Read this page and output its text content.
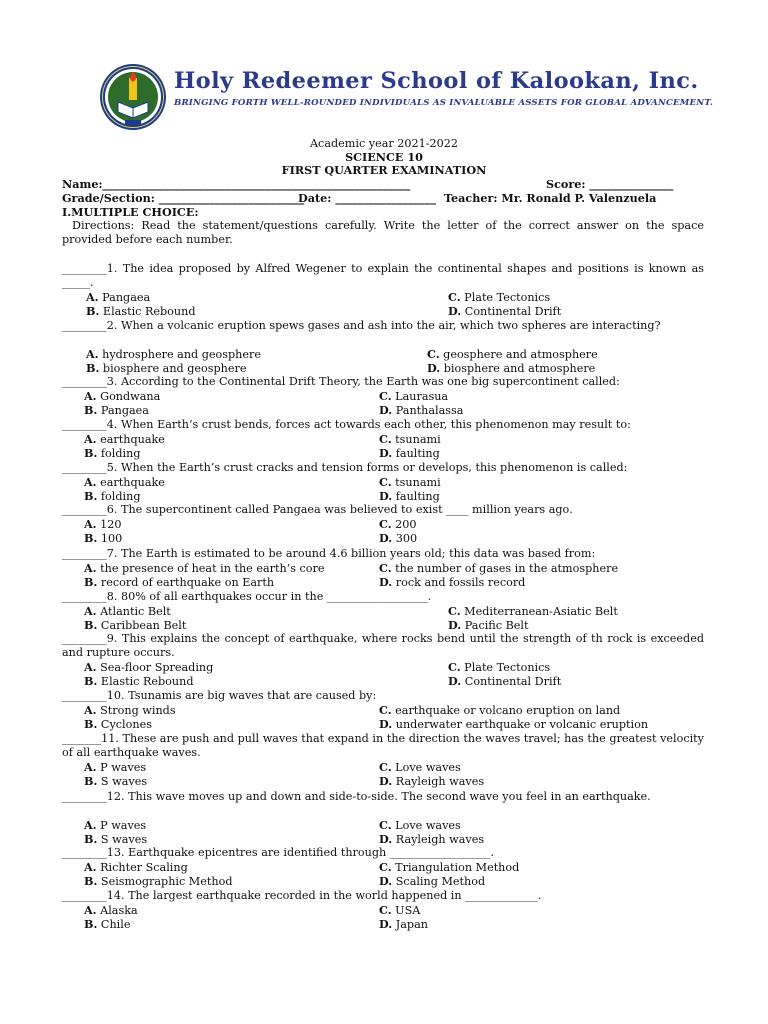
Holy Redeemer School of Kalookan, Inc.
BRINGING FORTH WELL-ROUNDED INDIVIDUALS AS INVALUABLE ASSETS FOR GLOBAL ADVANCEMENT.
Academic year 2021-2022
SCIENCE 10
FIRST QUARTER EXAMINATION
Name:_______________________________________________________	Score: _______________
Grade/Section: __________________________
Date: __________________ Teacher: Mr. Ronald P. Valenzuela
I.MULTIPLE CHOICE:
Directions: Read the statement/questions carefully. Write the letter of the correct answer on the space provided before each number.
________1. The idea proposed by Alfred Wegener to explain the continental shapes and positions is known as _____.
A. Pangaea
B. Elastic Rebound
C. Plate Tectonics
D. Continental Drift
________2. When a volcanic eruption spews gases and ash into the air, which two spheres are interacting?
A. hydrosphere and geosphere
B. biosphere and geosphere
C. geosphere and atmosphere
D. biosphere and atmosphere
________3. According to the Continental Drift Theory, the Earth was one big supercontinent called:
A. Gondwana
B. Pangaea
C. Laurasua
D. Panthalassa
________4. When Earth’s crust bends, forces act towards each other, this phenomenon may result to:
A. earthquake
B. folding
C. tsunami
D. faulting
________5. When the Earth’s crust cracks and tension forms or develops, this phenomenon is called:
A. earthquake
B. folding
C. tsunami
D. faulting
________6. The supercontinent called Pangaea was believed to exist ____ million years ago.
A. 120
B. 100
C. 200
D. 300
________7. The Earth is estimated to be around 4.6 billion years old; this data was based from:
A. the presence of heat in the earth’s core
B. record of earthquake on Earth
C. the number of gases in the atmosphere
D. rock and fossils record
________8. 80% of all earthquakes occur in the __________________.
A. Atlantic Belt
B. Caribbean Belt
C. Mediterranean-Asiatic Belt
D. Pacific Belt
________9. This explains the concept of earthquake, where rocks bend until the strength of th rock is exceeded and rupture occurs.
A. Sea-floor Spreading
B. Elastic Rebound
C. Plate Tectonics
D. Continental Drift
________10. Tsunamis are big waves that are caused by:
A. Strong winds
B. Cyclones
C. earthquake or volcano eruption on land
D. underwater earthquake or volcanic eruption
_______11. These are push and pull waves that expand in the direction the waves travel; has the greatest velocity of all earthquake waves.
A. P waves
B. S waves
C. Love waves
D. Rayleigh waves
________12. This wave moves up and down and side-to-side. The second wave you feel in an earthquake.
A. P waves
B. S waves
C. Love waves
D. Rayleigh waves
________13. Earthquake epicentres are identified through __________________.
A. Richter Scaling
B. Seismographic Method
C. Triangulation Method
D. Scaling Method
________14. The largest earthquake recorded in the world happened in _____________.
A. Alaska
B. Chile
C. USA
D. Japan
